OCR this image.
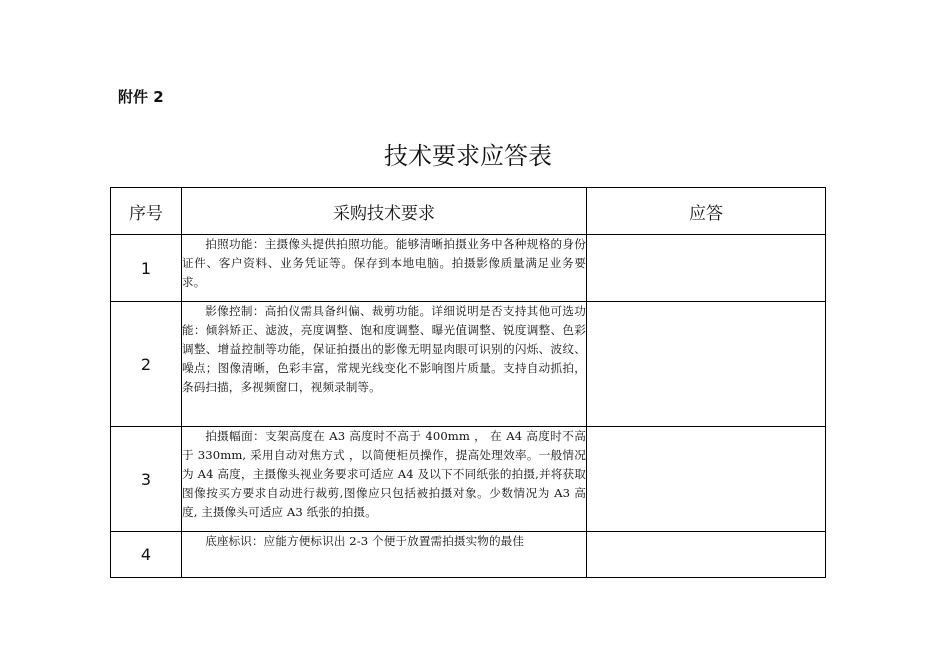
附件 2
技术要求应答表
序号	采购技术要求	应答
1	拍照功能：主摄像头提供拍照功能。能够清晰拍摄业务中各种规格的身份证件、客户资料、业务凭证等。保存到本地电脑。拍摄影像质量满足业务要求。	
2	影像控制：高拍仪需具备纠偏、裁剪功能。详细说明是否支持其他可选功能：倾斜矫正、滤波，亮度调整、饱和度调整、曝光值调整、锐度调整、色彩调整、增益控制等功能，保证拍摄出的影像无明显肉眼可识别的闪烁、波纹、噪点；图像清晰，色彩丰富，常规光线变化不影响图片质量。支持自动抓拍，条码扫描，多视频窗口，视频录制等。	
3	拍摄幅面：支架高度在 A3 高度时不高于 400mm ， 在 A4 高度时不高于 330mm, 采用自动对焦方式 ，以简便柜员操作，提高处理效率。一般情况为 A4 高度，主摄像头视业务要求可适应 A4 及以下不同纸张的拍摄,并将获取图像按买方要求自动进行裁剪,图像应只包括被拍摄对象。少数情况为 A3 高度, 主摄像头可适应 A3 纸张的拍摄。	
4	底座标识：应能方便标识出 2-3 个便于放置需拍摄实物的最佳	
